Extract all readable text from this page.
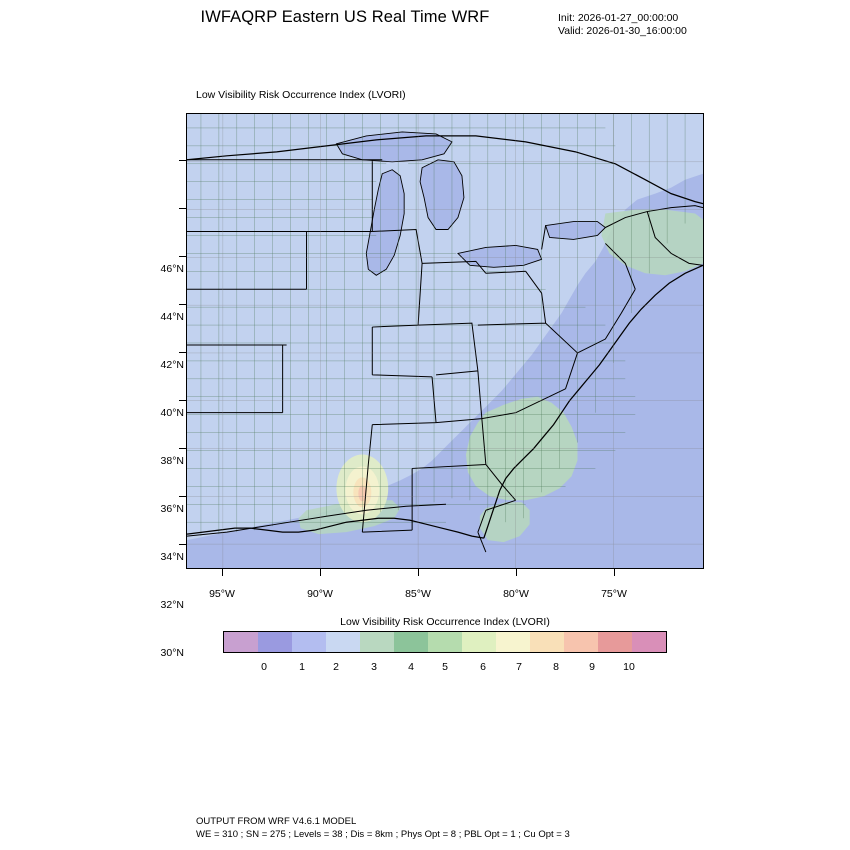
IWFAQRP Eastern US Real Time WRF	Init: 2026-01-27_00:00:00
Valid: 2026-01-30_16:00:00
Low Visibility Risk Occurrence Index (LVORI)
46°N
44°N
42°N
40°N
38°N
36°N
34°N
32°N
30°N
95°W	90°W	85°W	80°W	75°W
Low Visibility Risk Occurrence Index (LVORI)
0	1	2	3	4	5	6	7	8	9	10
OUTPUT FROM WRF V4.6.1 MODEL
WE = 310 ; SN = 275 ; Levels = 38 ; Dis = 8km ; Phys Opt = 8 ; PBL Opt = 1 ; Cu Opt = 3
